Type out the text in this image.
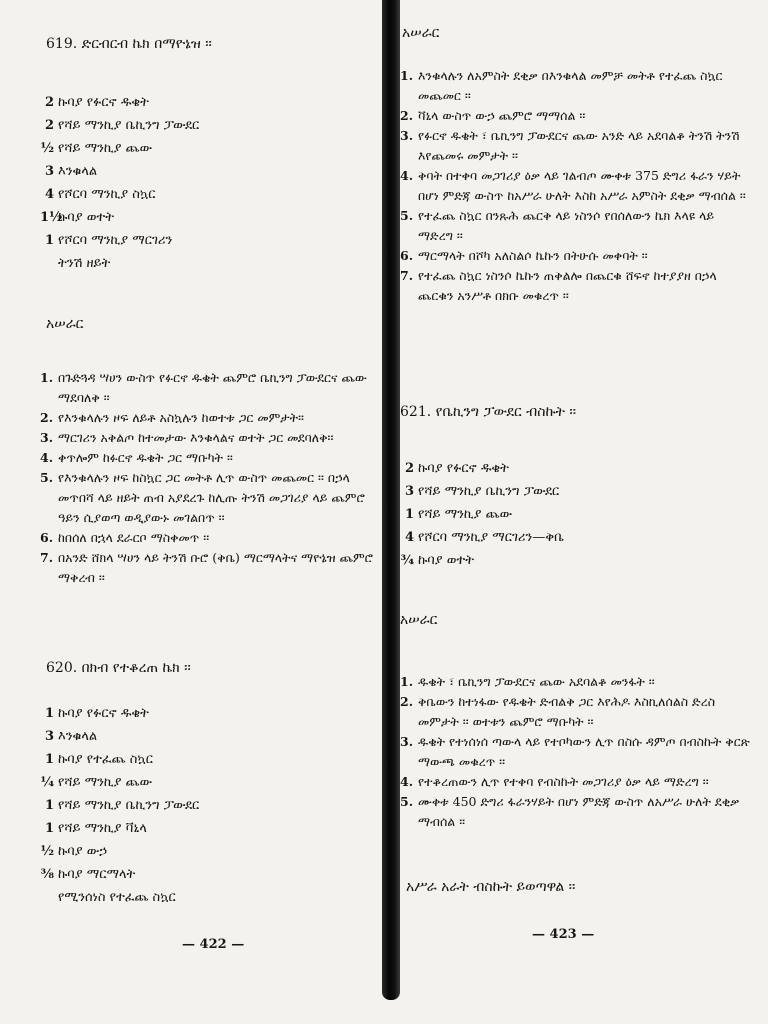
619. ድርብርብ ኬክ በማዮኔዝ ፡፡
2 ኩባያ የፉርኖ ዱቄት
2 የሻይ ማንኪያ ቤኪንግ ፓውደር
½ የሻይ ማንኪያ ጨው
3 እንቁላል
4 የሾርባ ማንኪያ ስኳር
1½
ኩባያ ወተት
1 የሾርባ ማንኪያ ማርገሪን
ትንሽ ዘይት
አሠራር
1. በጉድጓዳ ሣሀን ውስጥ የፉርኖ ዱቄት ጨምሮ ቤኪንግ ፓውደርና ጨው ማደባለቅ ፡፡
2. የእንቁላሉን ዞፍ ለይቶ አስኳሉን ከወተቱ ጋር መምታት፡፡
3. ማርገሪን አቅልጦ ከተመታው እንቁላልና ወተት ጋር መደባለቅ፡፡
4. ቀጥሎም ከፉርኖ ዱቄት ጋር ማቡካት ፡፡
5. የእንቁላሉን ዞፍ ከስኳር ጋር መትቶ ሊጥ ውስጥ መጨመር ፡፡ በኃላ መጥበሻ ላይ ዘይት ጠብ አያደረጉ ከሊጡ ትንሽ መጋገሪያ ላይ ጨምሮ ዓይን ሲያወጣ ወዲያውኑ መገልበጥ ፡፡
6. ከበሰለ በኋላ ደራርቦ ማስቀመጥ ፡፡
7. በአንድ ሸክላ ሣሀን ላይ ትንሽ ቡሮ (ቅቤ) ማርማላትና ማዮኔዝ ጨምሮ ማቅረብ ፡፡
620. በክብ የተቆረጠ ኬክ ፡፡
1 ኩባያ የፉርኖ ዱቄት
3 እንቁላል
1 ኩባያ የተፈጨ ስኳር
¼ የሻይ ማንኪያ ጨው
1 የሻይ ማንኪያ ቤኪንግ ፓውደር
1 የሻይ ማንኪያ ቫኒላ
½ ኩባያ ውኃ
⅜ ኩባያ ማርማላት
የሚንሰነስ የተፈጨ ስኳር
— 422 —
አሠራር
1. እንቁላሉን ለአምስት ደቂቃ በእንቁላል መምቻ መትቶ የተፈጨ ስኳር መጨመር ፡፡
2. ቫኒላ ውስጥ ውኃ ጨምሮ ማማሰል ፡፡
3. የፉርኖ ዱቄት ፣ ቤኪንግ ፓውደርና ጨው አንድ ላይ አደባልቆ ትንሽ ትንሽ እየጨመሩ መምታት ፡፡
4. ቅባት በተቀባ መጋገሪያ ዕቃ ላይ ገልብጦ ሙቀቱ 375 ድግሪ ፋራን ሃይት በሆነ ምድጃ ውስጥ ከአሥራ ሁለት እስከ አሥራ አምስት ደቂቃ ማብሰል ፡፡
5. የተፈጨ ስኳር በንጹሕ ጨርቅ ላይ ነስንሶ የበሰለውን ኬክ እላዩ ላይ ማድረግ ፡፡
6. ማርማላት በሾካ አለስልሶ ኬኩን በትሁሱ መቀባት ፡፡
7. የተፈጨ ስኳር ነስንሶ ኬኩን ጠቅልሎ በጨርቁ ሸፍኖ ከተያያዘ በኃላ ጨርቁን አንሥቶ በክቡ መቁረጥ ፡፡
621. የቤኪንግ ፓውደር ብስኩት ፡፡
2 ኩባያ የፉርኖ ዱቄት
3 የሻይ ማንኪያ ቤኪንግ ፓውደር
1 የሻይ ማንኪያ ጨው
4 የሾርባ ማንኪያ ማርገሪን—ቅቤ
¾ ኩባያ ወተት
አሠራር
1. ዱቄት ፣ ቤኪንግ ፓውደርና ጨው አደባልቆ መንፋት ፡፡
2. ቅቤውን ከተነፋው የዱቄት ድብልቅ ጋር እየሕዶ እስኪለሰልስ ድረስ መምታት ፡፡ ወተቱን ጨምሮ ማቡካት ፡፡
3. ዱቄት የተነሰነሰ ጣውላ ላይ የተቦካውን ሊጥ በስሱ ዳምጦ በብስኩት ቅርጽ ማውጫ መቁረጥ ፡፡
4. የተቆረጠውን ሊጥ የተቀባ የብስኩት መጋገሪያ ዕቃ ላይ ማድረግ ፡፡
5. ሙቀቱ 450 ድግሪ ፋራንሃይት በሆነ ምድጃ ውስጥ ለአሥራ ሁለት ደቂቃ ማብሰል ፡፡
አሥራ አራት ብስኩት ይወጣዋል ፡፡
— 423 —
